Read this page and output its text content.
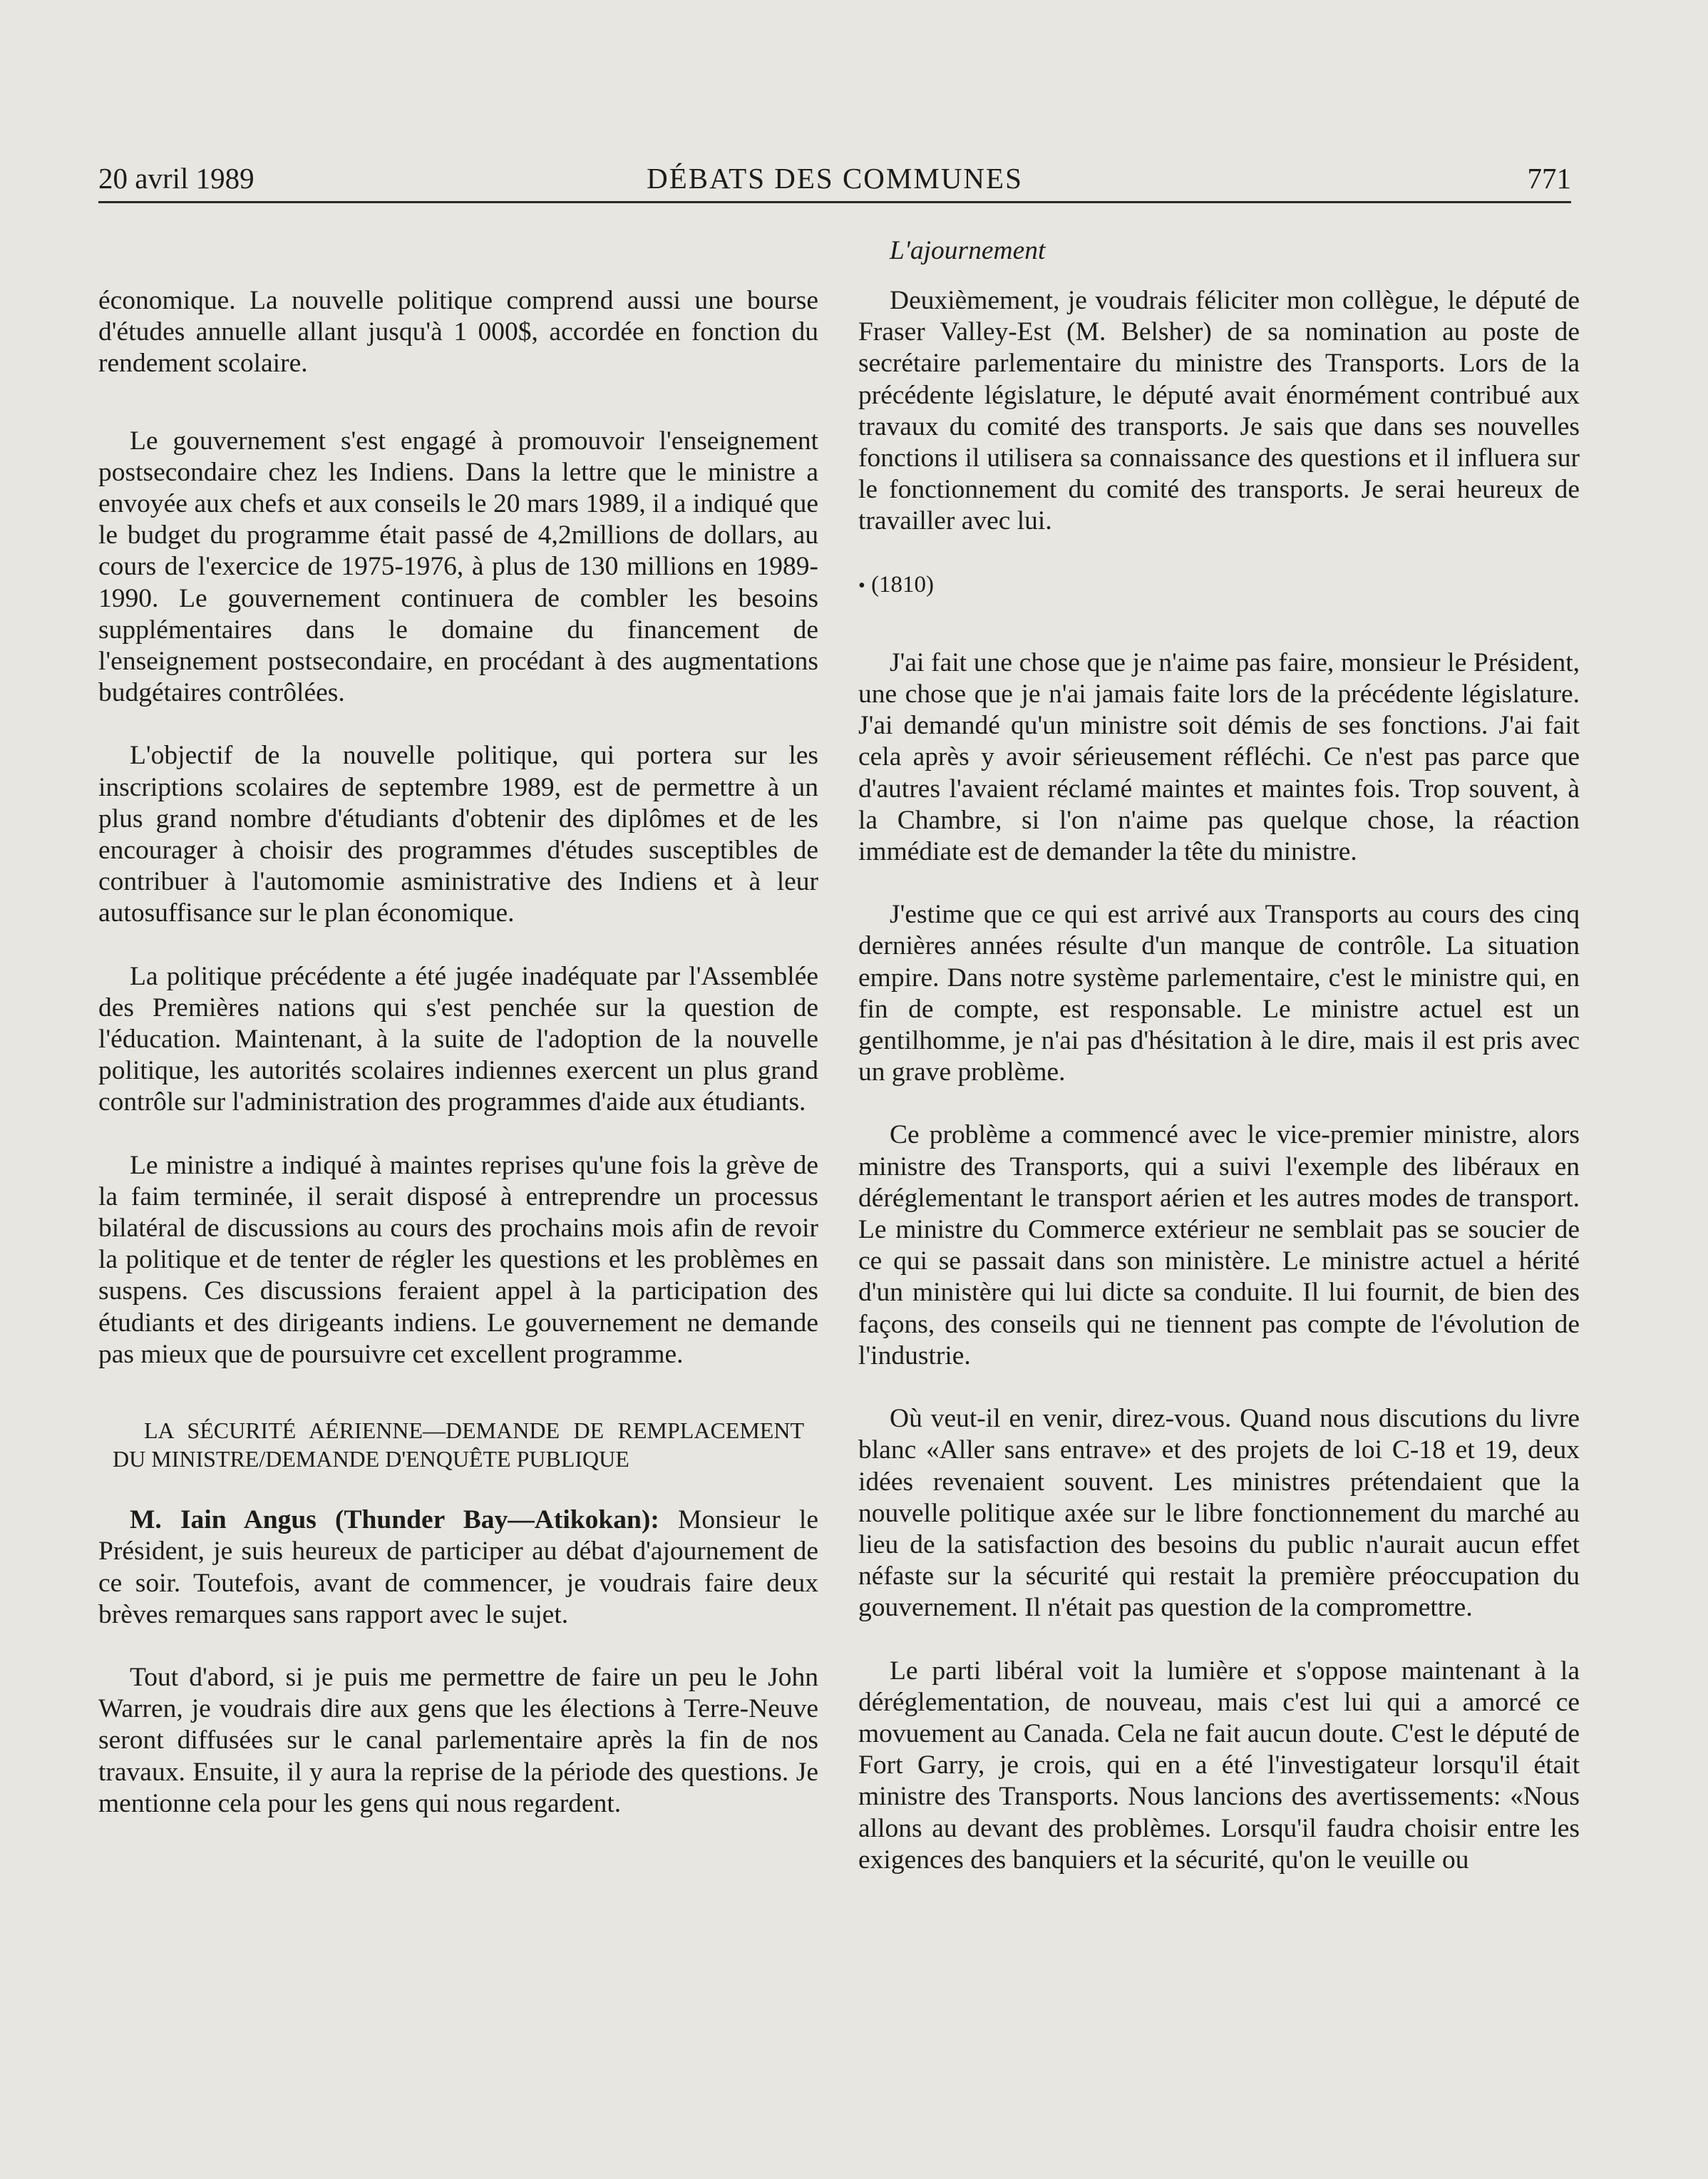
20 avril 1989	DÉBATS DES COMMUNES	771

économique. La nouvelle politique comprend aussi une bourse d'études annuelle allant jusqu'à 1 000$, accordée en fonction du rendement scolaire.

Le gouvernement s'est engagé à promouvoir l'enseignement postsecondaire chez les Indiens. Dans la lettre que le ministre a envoyée aux chefs et aux conseils le 20 mars 1989, il a indiqué que le budget du programme était passé de 4,2millions de dollars, au cours de l'exercice de 1975-1976, à plus de 130 millions en 1989-1990. Le gouvernement continuera de combler les besoins supplémentaires dans le domaine du financement de l'enseignement postsecondaire, en procédant à des augmentations budgétaires contrôlées.

L'objectif de la nouvelle politique, qui portera sur les inscriptions scolaires de septembre 1989, est de permettre à un plus grand nombre d'étudiants d'obtenir des diplômes et de les encourager à choisir des programmes d'études susceptibles de contribuer à l'automomie asministrative des Indiens et à leur autosuffisance sur le plan économique.

La politique précédente a été jugée inadéquate par l'Assemblée des Premières nations qui s'est penchée sur la question de l'éducation. Maintenant, à la suite de l'adoption de la nouvelle politique, les autorités scolaires indiennes exercent un plus grand contrôle sur l'administration des programmes d'aide aux étudiants.

Le ministre a indiqué à maintes reprises qu'une fois la grève de la faim terminée, il serait disposé à entreprendre un processus bilatéral de discussions au cours des prochains mois afin de revoir la politique et de tenter de régler les questions et les problèmes en suspens. Ces discussions feraient appel à la participation des étudiants et des dirigeants indiens. Le gouvernement ne demande pas mieux que de poursuivre cet excellent programme.

LA SÉCURITÉ AÉRIENNE—DEMANDE DE REMPLACEMENT DU MINISTRE/DEMANDE D'ENQUÊTE PUBLIQUE

M. Iain Angus (Thunder Bay—Atikokan): Monsieur le Président, je suis heureux de participer au débat d'ajournement de ce soir. Toutefois, avant de commencer, je voudrais faire deux brèves remarques sans rapport avec le sujet.

Tout d'abord, si je puis me permettre de faire un peu le John Warren, je voudrais dire aux gens que les élections à Terre-Neuve seront diffusées sur le canal parlementaire après la fin de nos travaux. Ensuite, il y aura la reprise de la période des questions. Je mentionne cela pour les gens qui nous regardent.

L'ajournement

Deuxièmement, je voudrais féliciter mon collègue, le député de Fraser Valley-Est (M. Belsher) de sa nomination au poste de secrétaire parlementaire du ministre des Transports. Lors de la précédente législature, le député avait énormément contribué aux travaux du comité des transports. Je sais que dans ses nouvelles fonctions il utilisera sa connaissance des questions et il influera sur le fonctionnement du comité des transports. Je serai heureux de travailler avec lui.

• (1810)

J'ai fait une chose que je n'aime pas faire, monsieur le Président, une chose que je n'ai jamais faite lors de la précédente législature. J'ai demandé qu'un ministre soit démis de ses fonctions. J'ai fait cela après y avoir sérieusement réfléchi. Ce n'est pas parce que d'autres l'avaient réclamé maintes et maintes fois. Trop souvent, à la Chambre, si l'on n'aime pas quelque chose, la réaction immédiate est de demander la tête du ministre.

J'estime que ce qui est arrivé aux Transports au cours des cinq dernières années résulte d'un manque de contrôle. La situation empire. Dans notre système parlementaire, c'est le ministre qui, en fin de compte, est responsable. Le ministre actuel est un gentilhomme, je n'ai pas d'hésitation à le dire, mais il est pris avec un grave problème.

Ce problème a commencé avec le vice-premier ministre, alors ministre des Transports, qui a suivi l'exemple des libéraux en déréglementant le transport aérien et les autres modes de transport. Le ministre du Commerce extérieur ne semblait pas se soucier de ce qui se passait dans son ministère. Le ministre actuel a hérité d'un ministère qui lui dicte sa conduite. Il lui fournit, de bien des façons, des conseils qui ne tiennent pas compte de l'évolution de l'industrie.

Où veut-il en venir, direz-vous. Quand nous discutions du livre blanc «Aller sans entrave» et des projets de loi C-18 et 19, deux idées revenaient souvent. Les ministres prétendaient que la nouvelle politique axée sur le libre fonctionnement du marché au lieu de la satisfaction des besoins du public n'aurait aucun effet néfaste sur la sécurité qui restait la première préoccupation du gouvernement. Il n'était pas question de la compromettre.

Le parti libéral voit la lumière et s'oppose maintenant à la déréglementation, de nouveau, mais c'est lui qui a amorcé ce movuement au Canada. Cela ne fait aucun doute. C'est le député de Fort Garry, je crois, qui en a été l'investigateur lorsqu'il était ministre des Transports. Nous lancions des avertissements: «Nous allons au devant des problèmes. Lorsqu'il faudra choisir entre les exigences des banquiers et la sécurité, qu'on le veuille ou
